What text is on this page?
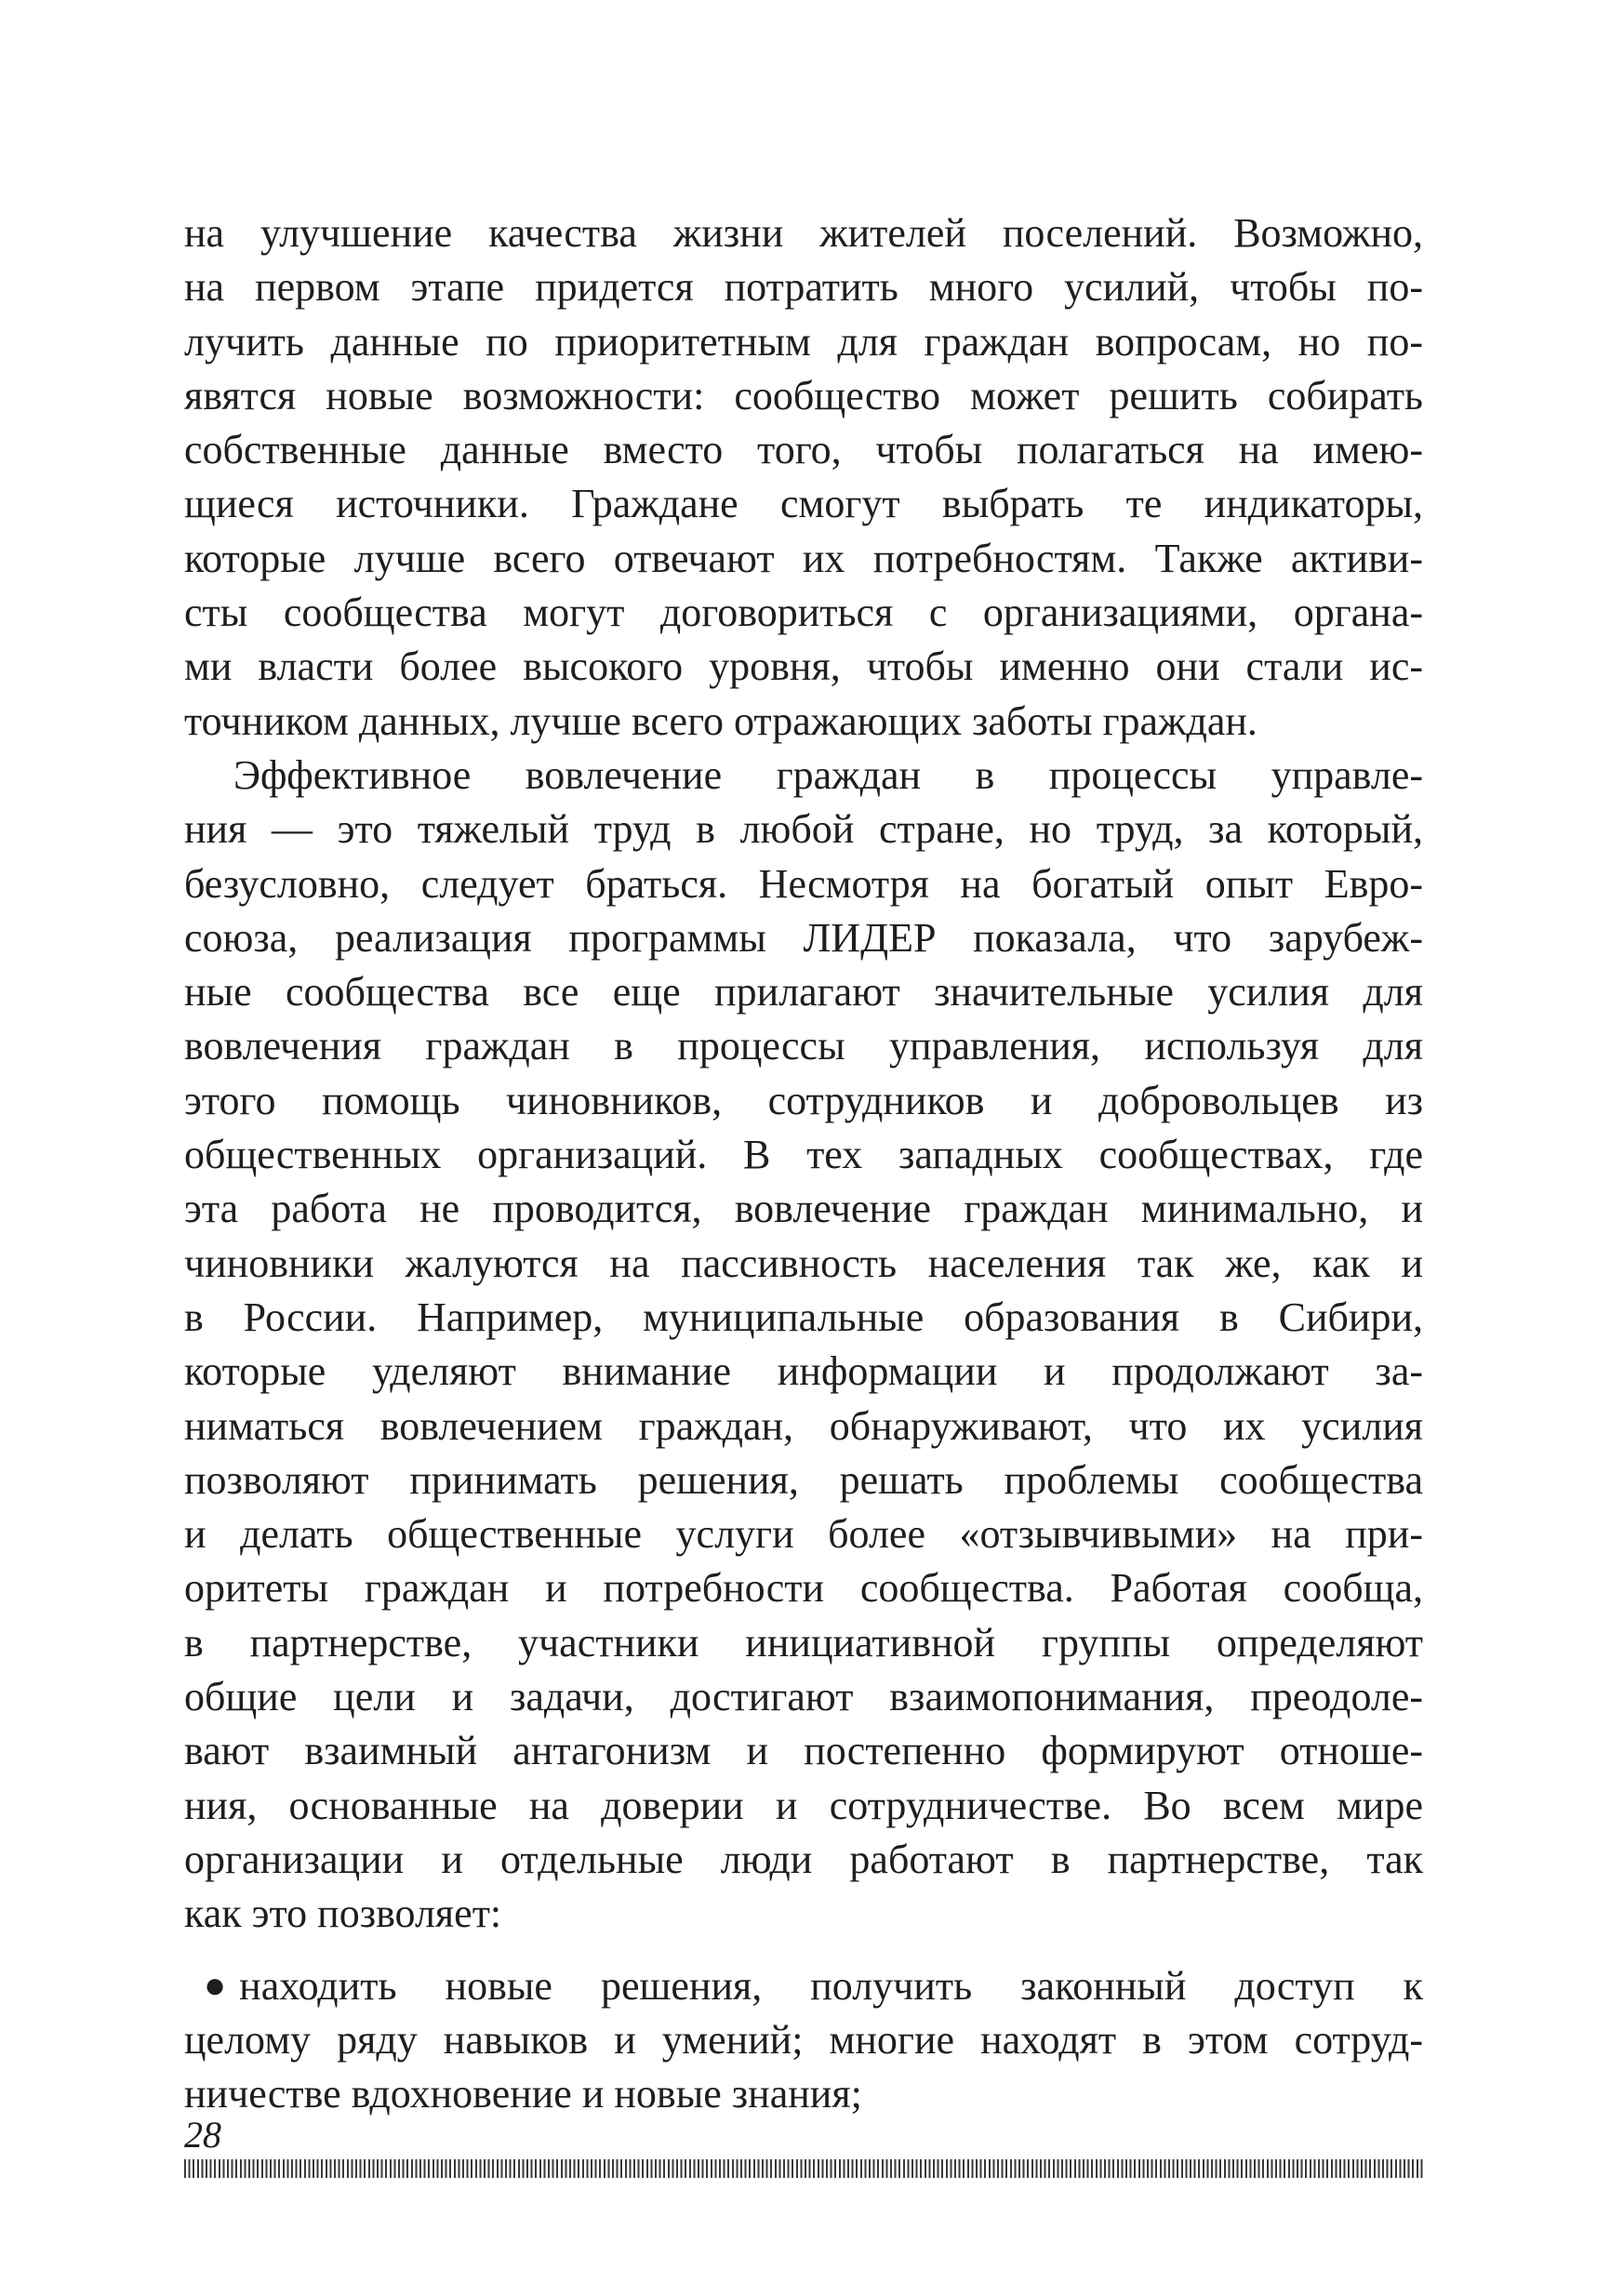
на улучшение качества жизни жителей поселений. Возможно,
на первом этапе придется потратить много усилий, чтобы по-
лучить данные по приоритетным для граждан вопросам, но по-
явятся новые возможности: сообщество может решить собирать
собственные данные вместо того, чтобы полагаться на имею-
щиеся источники. Граждане смогут выбрать те индикаторы,
которые лучше всего отвечают их потребностям. Также активи-
сты сообщества могут договориться с организациями, органа-
ми власти более высокого уровня, чтобы именно они стали ис-
точником данных, лучше всего отражающих заботы граждан.
Эффективное вовлечение граждан в процессы управле-
ния — это тяжелый труд в любой стране, но труд, за который,
безусловно, следует браться. Несмотря на богатый опыт Евро-
союза, реализация программы ЛИДЕР показала, что зарубеж-
ные сообщества все еще прилагают значительные усилия для
вовлечения граждан в процессы управления, используя для
этого помощь чиновников, сотрудников и добровольцев из
общественных организаций. В тех западных сообществах, где
эта работа не проводится, вовлечение граждан минимально, и
чиновники жалуются на пассивность населения так же, как и
в России. Например, муниципальные образования в Сибири,
которые уделяют внимание информации и продолжают за-
ниматься вовлечением граждан, обнаруживают, что их усилия
позволяют принимать решения, решать проблемы сообщества
и делать общественные услуги более «отзывчивыми» на при-
оритеты граждан и потребности сообщества. Работая сообща,
в партнерстве, участники инициативной группы определяют
общие цели и задачи, достигают взаимопонимания, преодоле-
вают взаимный антагонизм и постепенно формируют отноше-
ния, основанные на доверии и сотрудничестве. Во всем мире
организации и отдельные люди работают в партнерстве, так
как это позволяет:
● находить новые решения, получить законный доступ к
целому ряду навыков и умений; многие находят в этом сотруд-
ничестве вдохновение и новые знания;
28
